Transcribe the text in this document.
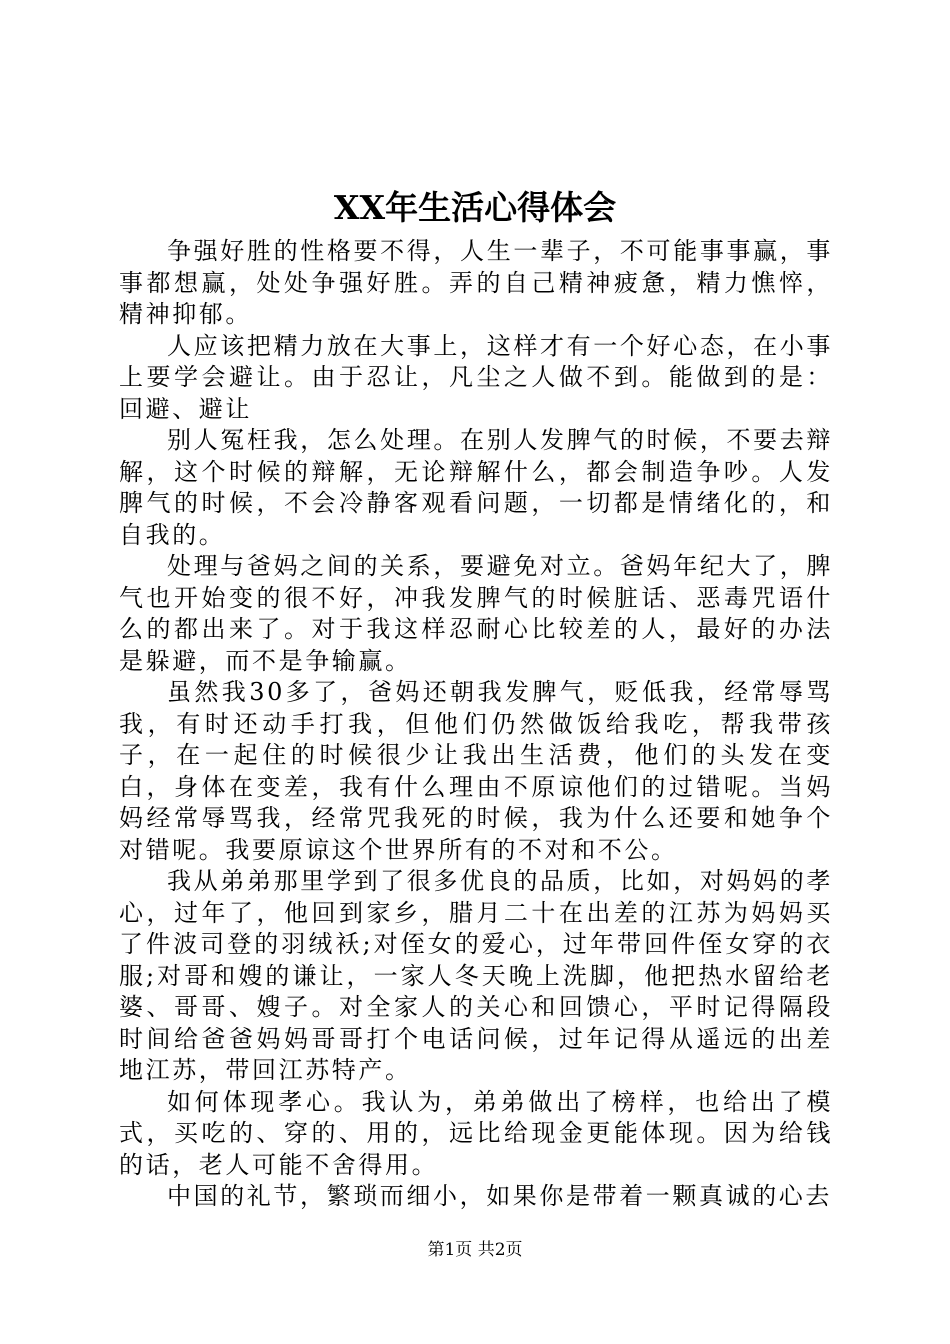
XX年生活心得体会

争强好胜的性格要不得，人生一辈子，不可能事事赢，事事都想赢，处处争强好胜。弄的自己精神疲惫，精力憔悴，精神抑郁。

人应该把精力放在大事上，这样才有一个好心态，在小事上要学会避让。由于忍让，凡尘之人做不到。能做到的是：回避、避让

别人冤枉我，怎么处理。在别人发脾气的时候，不要去辩解，这个时候的辩解，无论辩解什么，都会制造争吵。人发脾气的时候，不会冷静客观看问题，一切都是情绪化的，和自我的。

处理与爸妈之间的关系，要避免对立。爸妈年纪大了，脾气也开始变的很不好，冲我发脾气的时候脏话、恶毒咒语什么的都出来了。对于我这样忍耐心比较差的人，最好的办法是躲避，而不是争输赢。

虽然我30多了，爸妈还朝我发脾气，贬低我，经常辱骂我，有时还动手打我，但他们仍然做饭给我吃，帮我带孩子，在一起住的时候很少让我出生活费，他们的头发在变白，身体在变差，我有什么理由不原谅他们的过错呢。当妈妈经常辱骂我，经常咒我死的时候，我为什么还要和她争个对错呢。我要原谅这个世界所有的不对和不公。

我从弟弟那里学到了很多优良的品质，比如，对妈妈的孝心，过年了，他回到家乡，腊月二十在出差的江苏为妈妈买了件波司登的羽绒袄;对侄女的爱心，过年带回件侄女穿的衣服;对哥和嫂的谦让，一家人冬天晚上洗脚，他把热水留给老婆、哥哥、嫂子。对全家人的关心和回馈心，平时记得隔段时间给爸爸妈妈哥哥打个电话问候，过年记得从遥远的出差地江苏，带回江苏特产。

如何体现孝心。我认为，弟弟做出了榜样，也给出了模式，买吃的、穿的、用的，远比给现金更能体现。因为给钱的话，老人可能不舍得用。

中国的礼节，繁琐而细小，如果你是带着一颗真诚的心去

第1页 共2页
